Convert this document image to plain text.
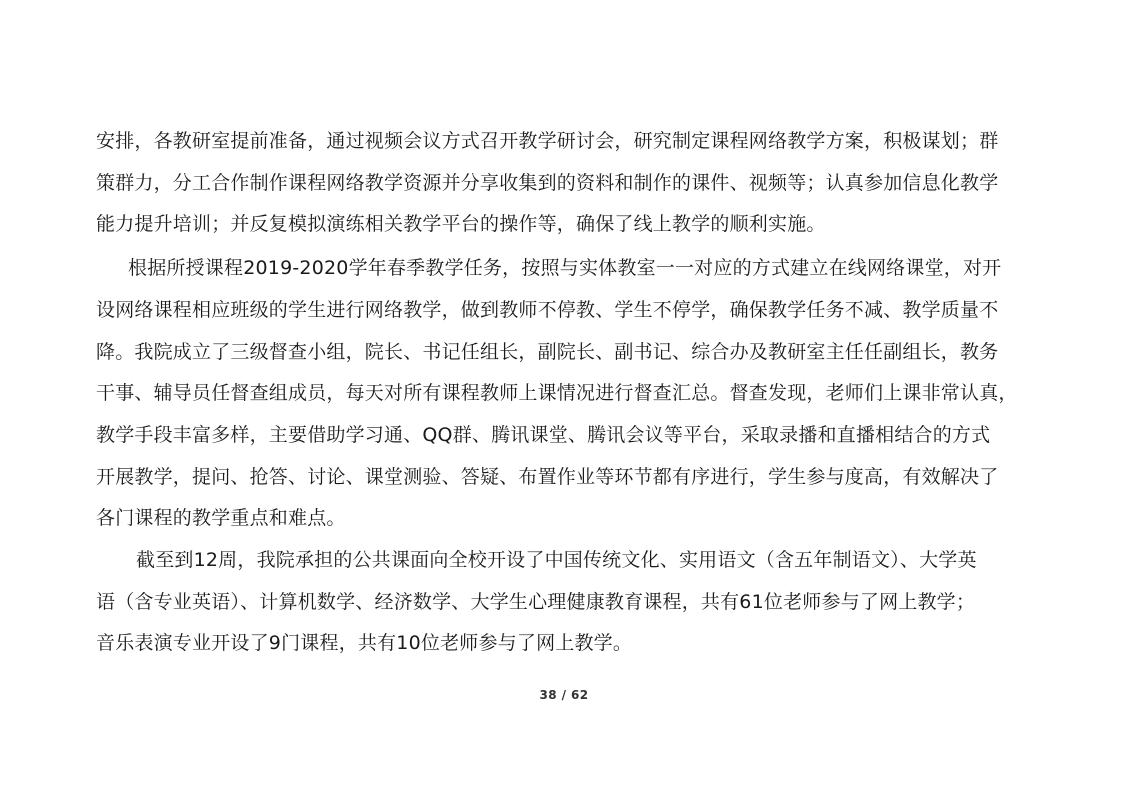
安排，各教研室提前准备，通过视频会议方式召开教学研讨会，研究制定课程网络教学方案，积极谋划；群
策群力，分工合作制作课程网络教学资源并分享收集到的资料和制作的课件、视频等；认真参加信息化教学
能力提升培训；并反复模拟演练相关教学平台的操作等，确保了线上教学的顺利实施。
根据所授课程2019-2020学年春季教学任务，按照与实体教室一一对应的方式建立在线网络课堂，对开
设网络课程相应班级的学生进行网络教学，做到教师不停教、学生不停学，确保教学任务不减、教学质量不
降。我院成立了三级督查小组，院长、书记任组长，副院长、副书记、综合办及教研室主任任副组长，教务
干事、辅导员任督查组成员，每天对所有课程教师上课情况进行督查汇总。督查发现，老师们上课非常认真，
教学手段丰富多样，主要借助学习通、QQ群、腾讯课堂、腾讯会议等平台，采取录播和直播相结合的方式
开展教学，提问、抢答、讨论、课堂测验、答疑、布置作业等环节都有序进行，学生参与度高，有效解决了
各门课程的教学重点和难点。
截至到12周，我院承担的公共课面向全校开设了中国传统文化、实用语文（含五年制语文）、大学英
语（含专业英语）、计算机数学、经济数学、大学生心理健康教育课程，共有61位老师参与了网上教学；
音乐表演专业开设了9门课程，共有10位老师参与了网上教学。
38 / 62
